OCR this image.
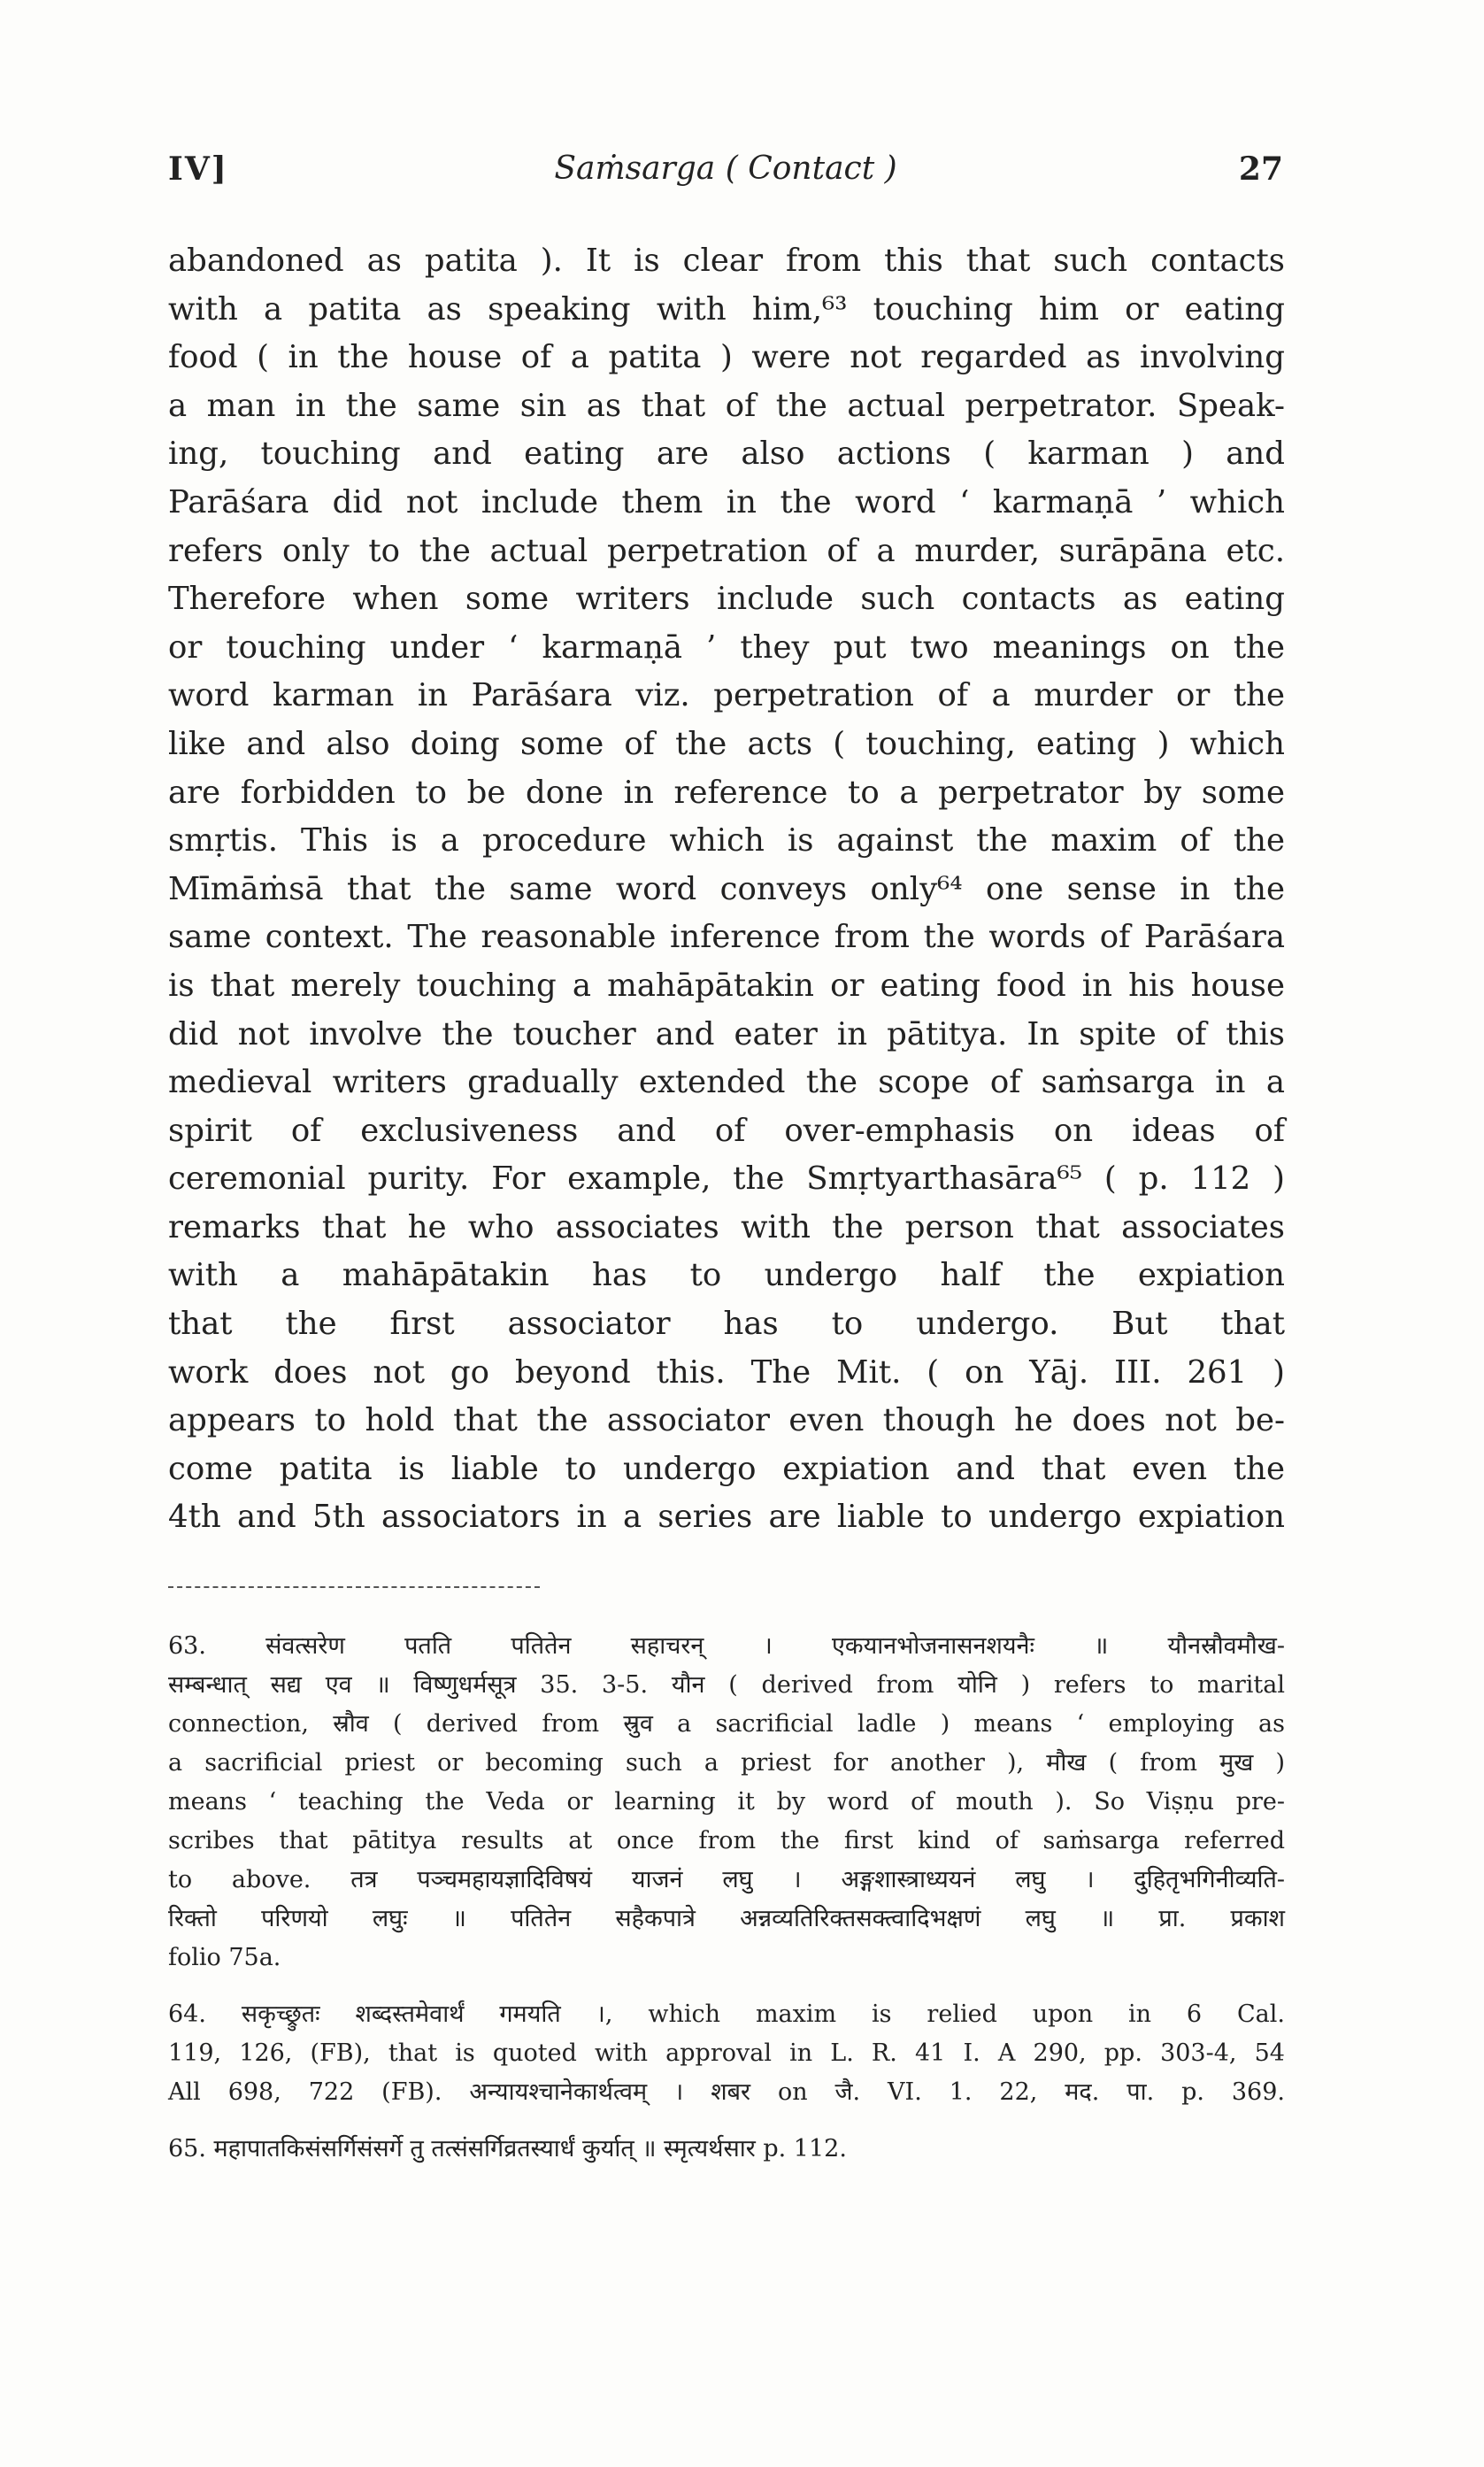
IV]	Saṁsarga ( Contact )	27
abandoned as patita ). It is clear from this that such contacts
with a patita as speaking with him,⁶³ touching him or eating
food ( in the house of a patita ) were not regarded as involving
a man in the same sin as that of the actual perpetrator. Speak-
ing, touching and eating are also actions ( karman ) and
Parāśara did not include them in the word ‘ karmaṇā ’ which
refers only to the actual perpetration of a murder, surāpāna etc.
Therefore when some writers include such contacts as eating
or touching under ‘ karmaṇā ’ they put two meanings on the
word karman in Parāśara viz. perpetration of a murder or the
like and also doing some of the acts ( touching, eating ) which
are forbidden to be done in reference to a perpetrator by some
smṛtis. This is a procedure which is against the maxim of the
Mīmāṁsā that the same word conveys only⁶⁴ one sense in the
same context. The reasonable inference from the words of Parāśara
is that merely touching a mahāpātakin or eating food in his house
did not involve the toucher and eater in pātitya. In spite of this
medieval writers gradually extended the scope of saṁsarga in a
spirit of exclusiveness and of over-emphasis on ideas of
ceremonial purity. For example, the Smṛtyarthasāra⁶⁵ ( p. 112 )
remarks that he who associates with the person that associates
with a mahāpātakin has to undergo half the expiation
that the first associator has to undergo. But that
work does not go beyond this. The Mit. ( on Yāj. III. 261 )
appears to hold that the associator even though he does not be-
come patita is liable to undergo expiation and that even the
4th and 5th associators in a series are liable to undergo expiation
63. संवत्सरेण पतति पतितेन सहाचरन् । एकयानभोजनासनशयनैः ॥ यौनस्रौवमौख-
सम्बन्धात् सद्य एव ॥ विष्णुधर्मसूत्र 35. 3-5. यौन ( derived from योनि ) refers to marital
connection, स्रौव ( derived from स्रुव a sacrificial ladle ) means ‘ employing as
a sacrificial priest or becoming such a priest for another ), मौख ( from मुख )
means ‘ teaching the Veda or learning it by word of mouth ). So Viṣṇu pre-
scribes that pātitya results at once from the first kind of saṁsarga referred
to above. तत्र पञ्चमहायज्ञादिविषयं याजनं लघु । अङ्गशास्त्राध्ययनं लघु । दुहितृभगिनीव्यति-
रिक्तो परिणयो लघुः ॥ पतितेन सहैकपात्रे अन्नव्यतिरिक्तसक्त्वादिभक्षणं लघु ॥ प्रा. प्रकाश
folio 75a.
64. सकृच्छ्रुतः शब्दस्तमेवार्थं गमयति ।, which maxim is relied upon in 6 Cal.
119, 126, (FB), that is quoted with approval in L. R. 41 I. A 290, pp. 303-4, 54
All 698, 722 (FB). अन्यायश्चानेकार्थत्वम् । शबर on जै. VI. 1. 22, मद. पा. p. 369.
65. महापातकिसंसर्गिसंसर्गे तु तत्संसर्गिव्रतस्यार्धं कुर्यात् ॥ स्मृत्यर्थसार p. 112.
